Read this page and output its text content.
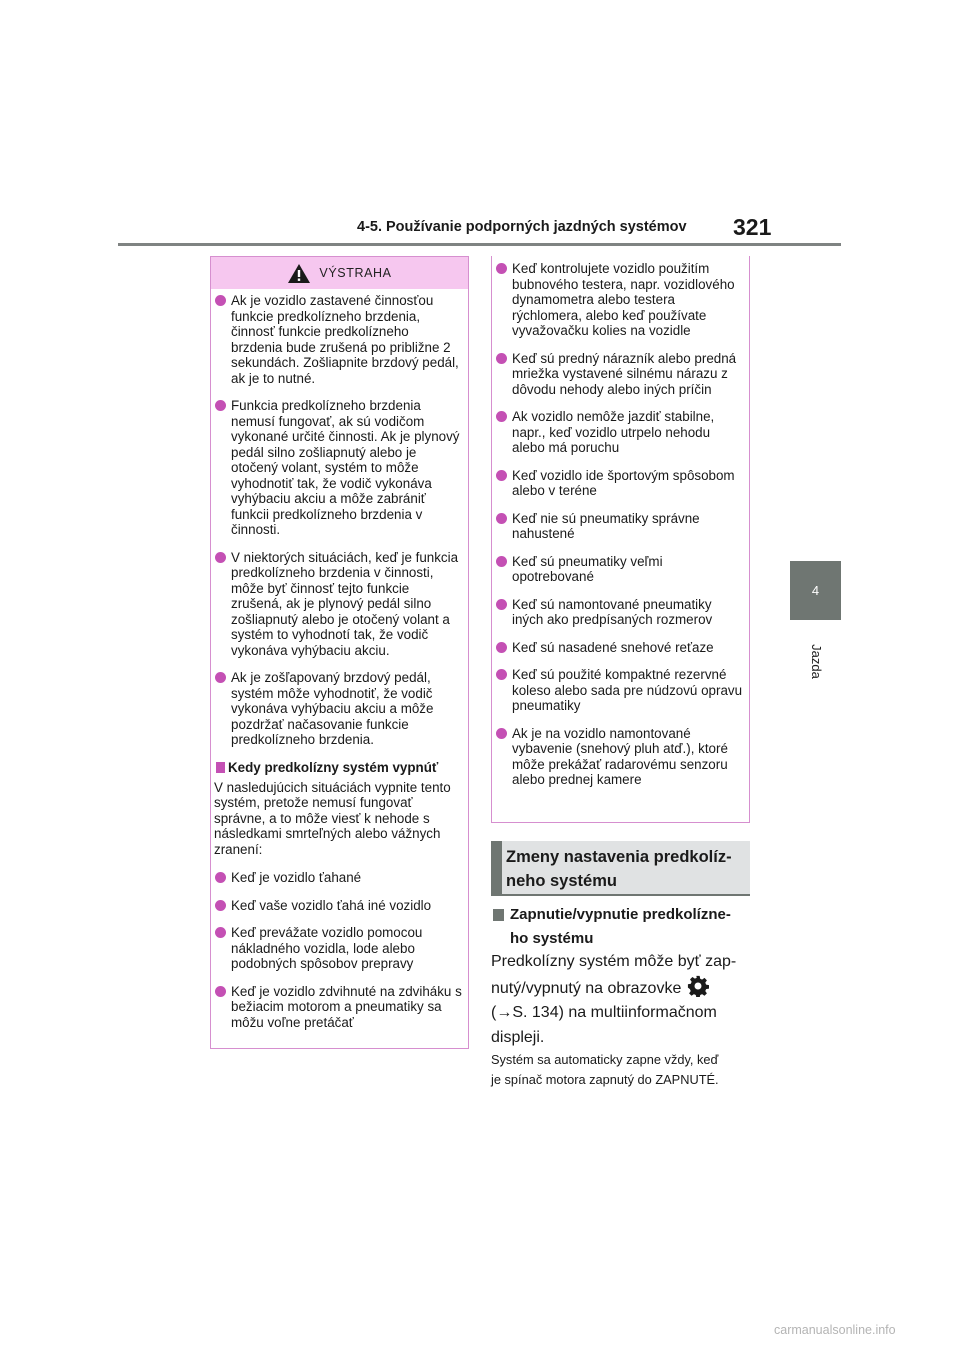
4-5. Používanie podporných jazdných systémov 321
4
Jazda
VÝSTRAHA
Ak je vozidlo zastavené činnosťou funkcie predkolízneho brzdenia, činnosť funkcie predkolízneho brzdenia bude zrušená po približne 2 sekundách. Zošliapnite brzdový pedál, ak je to nutné.
Funkcia predkolízneho brzdenia nemusí fungovať, ak sú vodičom vykonané určité činnosti. Ak je plynový pedál silno zošliapnutý alebo je otočený volant, systém to môže vyhodnotiť tak, že vodič vykonáva vyhýbaciu akciu a môže zabrániť funkcii predkolízneho brzdenia v činnosti.
V niektorých situáciách, keď je funkcia predkolízneho brzdenia v činnosti, môže byť činnosť tejto funkcie zrušená, ak je plynový pedál silno zošliapnutý alebo je otočený volant a systém to vyhodnotí tak, že vodič vykonáva vyhýbaciu akciu.
Ak je zošľapovaný brzdový pedál, systém môže vyhodnotiť, že vodič vykonáva vyhýbaciu akciu a môže pozdržať načasovanie funkcie predkolízneho brzdenia.
Kedy predkolízny systém vypnúť
V nasledujúcich situáciách vypnite tento systém, pretože nemusí fungovať správne, a to môže viesť k nehode s následkami smrteľných alebo vážnych zranení:
Keď je vozidlo ťahané
Keď vaše vozidlo ťahá iné vozidlo
Keď prevážate vozidlo pomocou nákladného vozidla, lode alebo podobných spôsobov prepravy
Keď je vozidlo zdvihnuté na zdviháku s bežiacim motorom a pneumatiky sa môžu voľne pretáčať
Keď kontrolujete vozidlo použitím bubnového testera, napr. vozidlového dynamometra alebo testera rýchlomera, alebo keď používate vyvažovačku kolies na vozidle
Keď sú predný nárazník alebo predná mriežka vystavené silnému nárazu z dôvodu nehody alebo iných príčin
Ak vozidlo nemôže jazdiť stabilne, napr., keď vozidlo utrpelo nehodu alebo má poruchu
Keď vozidlo ide športovým spôsobom alebo v teréne
Keď nie sú pneumatiky správne nahustené
Keď sú pneumatiky veľmi opotrebované
Keď sú namontované pneumatiky iných ako predpísaných rozmerov
Keď sú nasadené snehové reťaze
Keď sú použité kompaktné rezervné koleso alebo sada pre núdzovú opravu pneumatiky
Ak je na vozidlo namontované vybavenie (snehový pluh atď.), ktoré môže prekážať radarovému senzoru alebo prednej kamere
Zmeny nastavenia predkolíz-
neho systému
Zapnutie/vypnutie predkolízne-
ho systému
Predkolízny systém môže byť zap-
nutý/vypnutý na obrazovke
(→S. 134) na multiinformačnom
displeji.
Systém sa automaticky zapne vždy, keď
je spínač motora zapnutý do ZAPNUTÉ.
carmanualsonline.info
